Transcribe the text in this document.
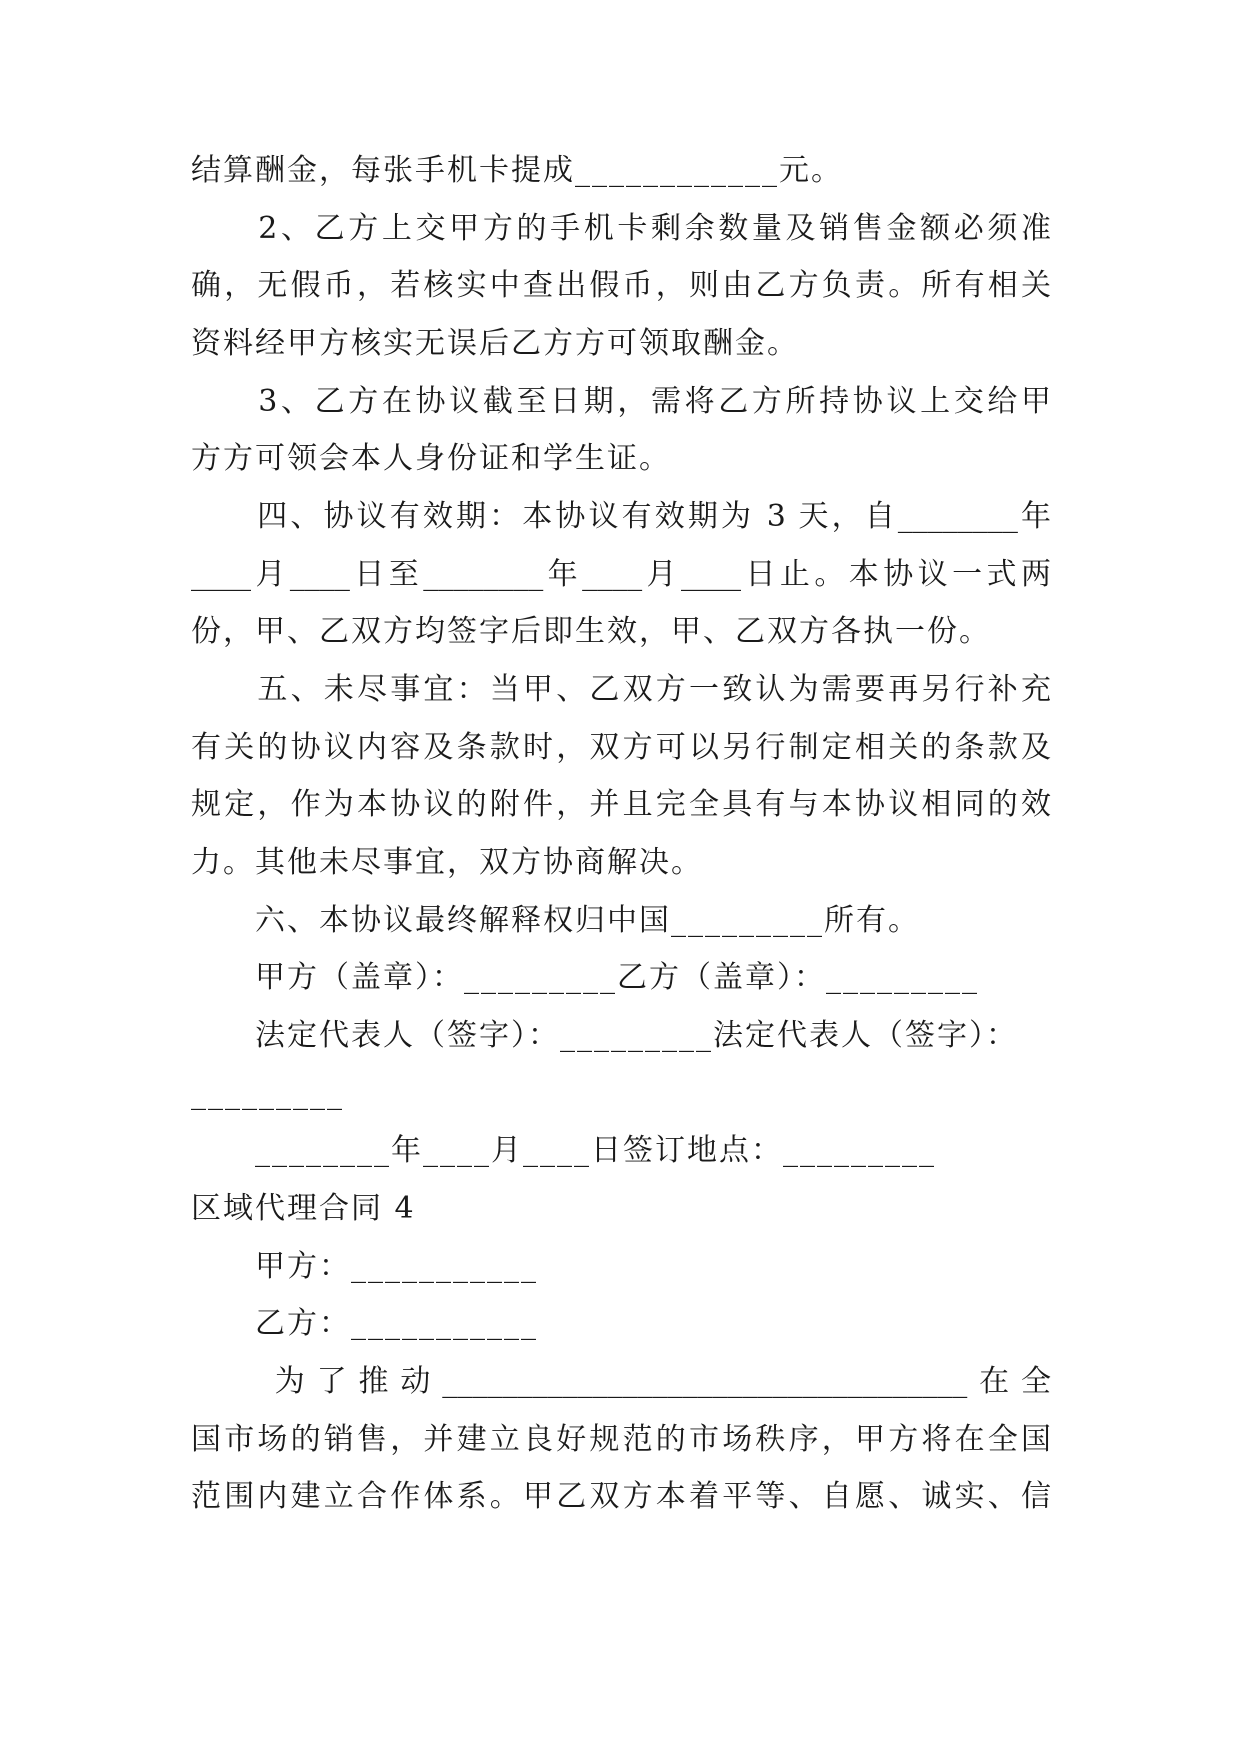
结算酬金，每张手机卡提成____________元。
　　2、乙方上交甲方的手机卡剩余数量及销售金额必须准
确，无假币，若核实中查出假币，则由乙方负责。所有相关
资料经甲方核实无误后乙方方可领取酬金。
　　3、乙方在协议截至日期，需将乙方所持协议上交给甲
方方可领会本人身份证和学生证。
　　四、协议有效期：本协议有效期为 3 天，自________年
____月____日至________年____月____日止。本协议一式两
份，甲、乙双方均签字后即生效，甲、乙双方各执一份。
　　五、未尽事宜：当甲、乙双方一致认为需要再另行补充
有关的协议内容及条款时，双方可以另行制定相关的条款及
规定，作为本协议的附件，并且完全具有与本协议相同的效
力。其他未尽事宜，双方协商解决。
　　六、本协议最终解释权归中国_________所有。
　　甲方（盖章）：_________乙方（盖章）：_________
　　法定代表人（签字）：_________法定代表人（签字）：
_________
　　________年____月____日签订地点：_________
区域代理合同 4
　　甲方：___________
　　乙方：___________
　　为了推动___________________________________在全
国市场的销售，并建立良好规范的市场秩序，甲方将在全国
范围内建立合作体系。甲乙双方本着平等、自愿、诚实、信
